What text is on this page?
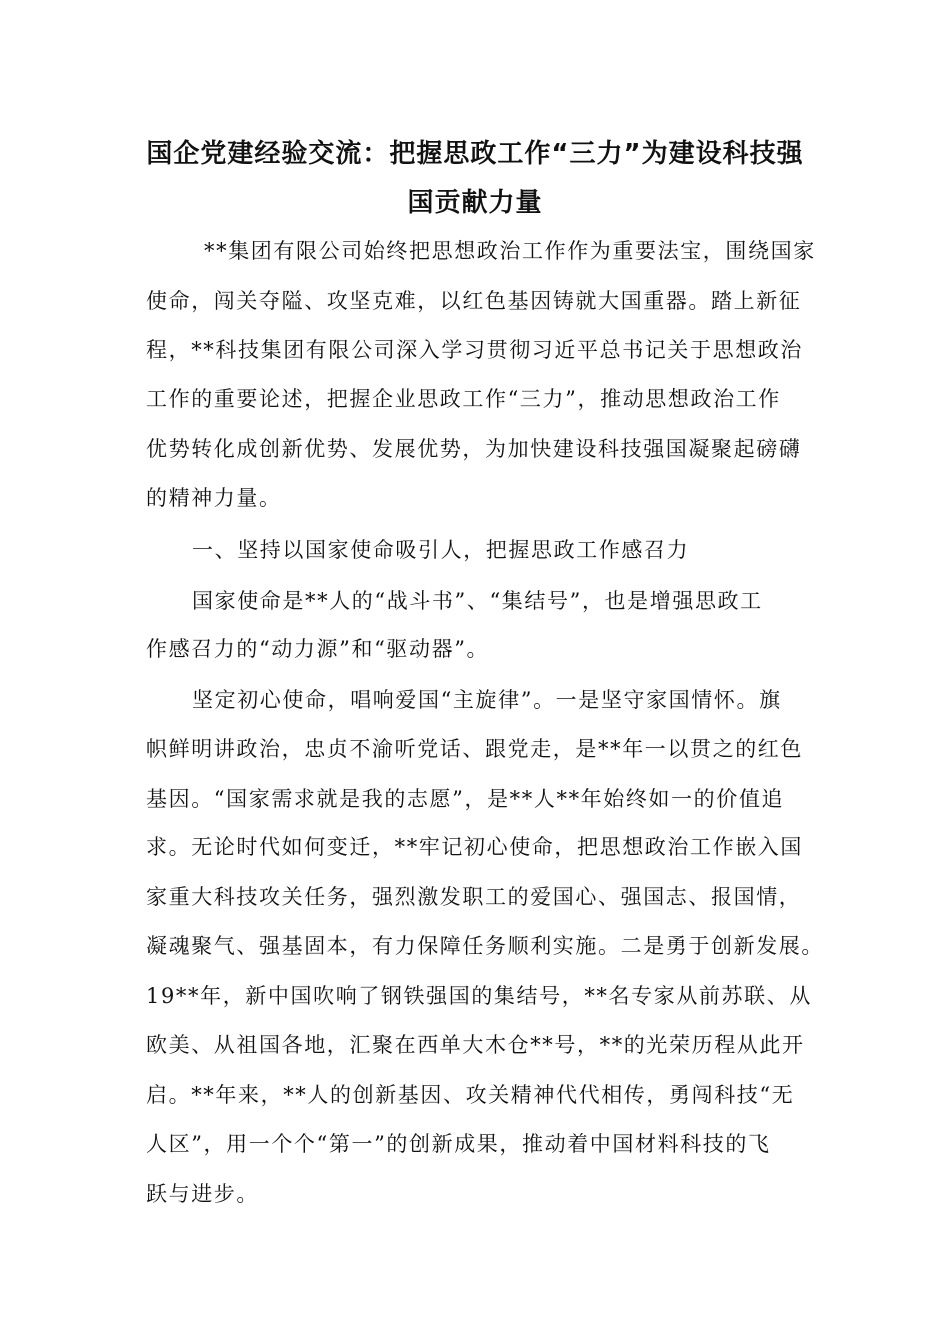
国企党建经验交流：把握思政工作“三力”为建设科技强
国贡献力量
**集团有限公司始终把思想政治工作作为重要法宝，围绕国家
使命，闯关夺隘、攻坚克难，以红色基因铸就大国重器。踏上新征
程，**科技集团有限公司深入学习贯彻习近平总书记关于思想政治
工作的重要论述，把握企业思政工作“三力”，推动思想政治工作
优势转化成创新优势、发展优势，为加快建设科技强国凝聚起磅礴
的精神力量。
一、坚持以国家使命吸引人，把握思政工作感召力
国家使命是**人的“战斗书”、“集结号”，也是增强思政工
作感召力的“动力源”和“驱动器”。
坚定初心使命，唱响爱国“主旋律”。一是坚守家国情怀。旗
帜鲜明讲政治，忠贞不渝听党话、跟党走，是**年一以贯之的红色
基因。“国家需求就是我的志愿”，是**人**年始终如一的价值追
求。无论时代如何变迁，**牢记初心使命，把思想政治工作嵌入国
家重大科技攻关任务，强烈激发职工的爱国心、强国志、报国情，
凝魂聚气、强基固本，有力保障任务顺利实施。二是勇于创新发展。
19**年，新中国吹响了钢铁强国的集结号，**名专家从前苏联、从
欧美、从祖国各地，汇聚在西单大木仓**号，**的光荣历程从此开
启。**年来，**人的创新基因、攻关精神代代相传，勇闯科技“无
人区”，用一个个“第一”的创新成果，推动着中国材料科技的飞
跃与进步。
